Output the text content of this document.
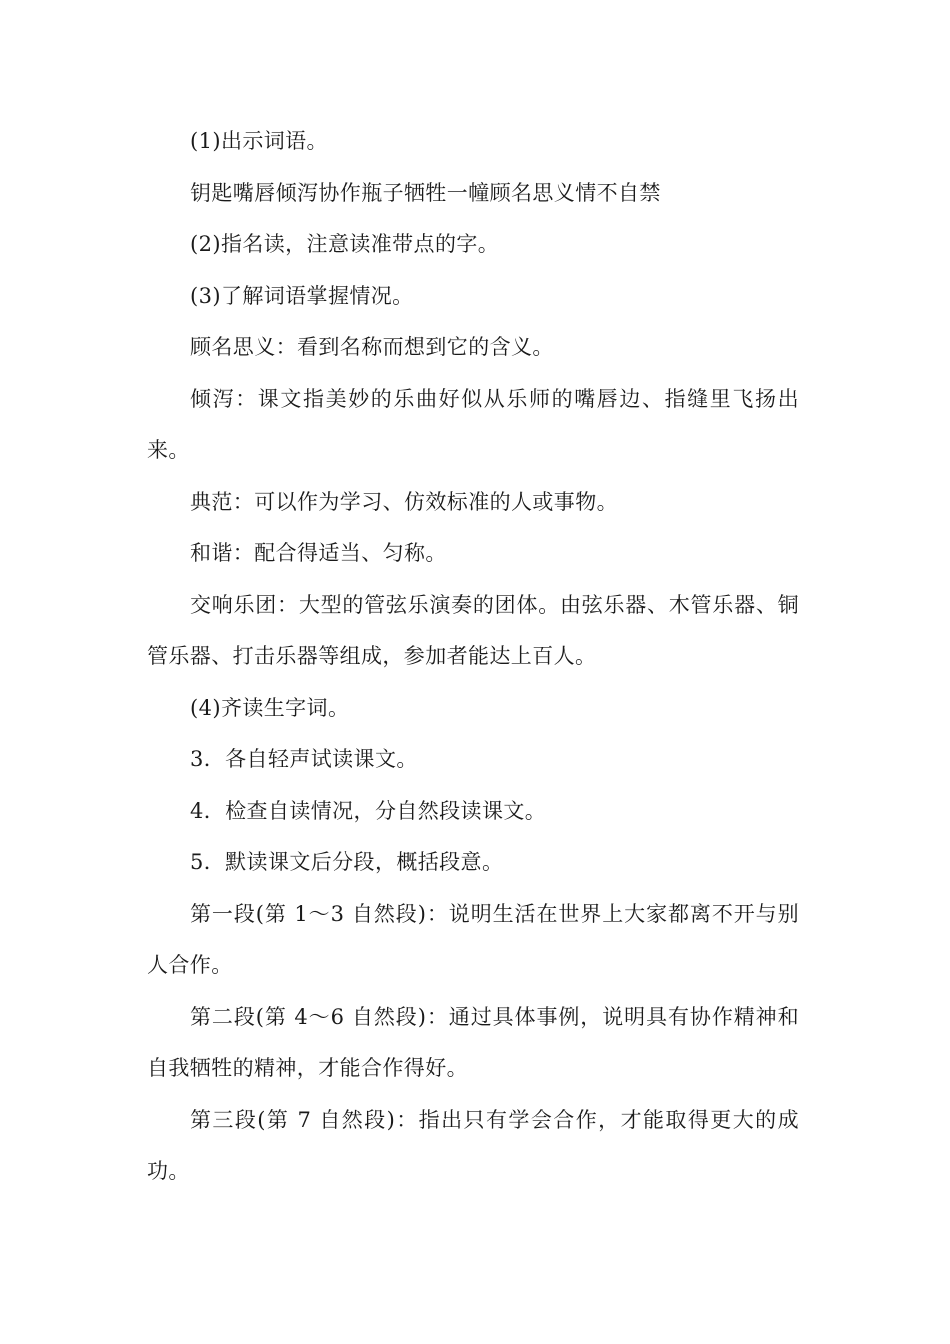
(1)出示词语。

钥匙嘴唇倾泻协作瓶子牺牲一幢顾名思义情不自禁

(2)指名读，注意读准带点的字。

(3)了解词语掌握情况。

顾名思义：看到名称而想到它的含义。

倾泻：课文指美妙的乐曲好似从乐师的嘴唇边、指缝里飞扬出来。

典范：可以作为学习、仿效标准的人或事物。

和谐：配合得适当、匀称。

交响乐团：大型的管弦乐演奏的团体。由弦乐器、木管乐器、铜管乐器、打击乐器等组成，参加者能达上百人。

(4)齐读生字词。

3．各自轻声试读课文。

4．检查自读情况，分自然段读课文。

5．默读课文后分段，概括段意。

第一段(第 1～3 自然段)：说明生活在世界上大家都离不开与别人合作。

第二段(第 4～6 自然段)：通过具体事例，说明具有协作精神和自我牺牲的精神，才能合作得好。

第三段(第 7 自然段)：指出只有学会合作，才能取得更大的成功。
